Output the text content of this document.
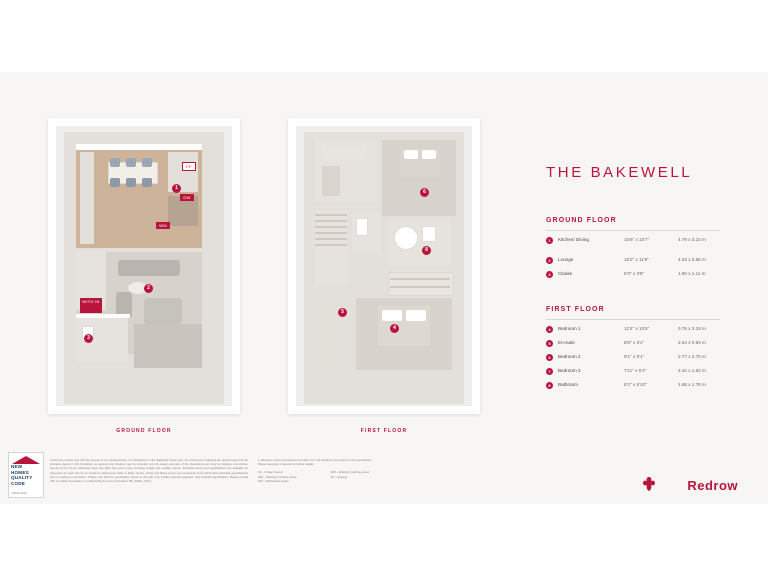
FF
DW
WM
WITH IN
1
2
3
GROUND FLOOR
6
8
5
4
FIRST FLOOR
THE BAKEWELL
GROUND FLOOR
1	Kitchen/ Dining	15'8" x 10'7"	4.78 x 3.23 m
2	Lounge	15'2" x 11'9"	4.63 x 3.58 m
3	Cloaks	6'3" x 3'8"	1.90 x 1.11 m
FIRST FLOOR
4	Bedroom 1	12'4" x 10'6"	3.76 x 3.19 m
5	En-suite	8'8" x 3'1"	2.64 x 0.94 m
6	Bedroom 2	9'1" x 9'1"	2.77 x 2.76 m
7	Bedroom 3	7'11" x 5'4"	2.42 x 1.62 m
8	Bathroom	6'2" x 5'10"	1.88 x 1.78 m
NEW
HOMES
QUALITY
CODE
YEAR 2023
Customers should note that the layouts of our developments, the illustrations of the Bakewell house type, the dimensions indicated are approximate and the indicative layout in this illustration as general only. Redrow may be intended only for design accuracy of the illustrations and may be detailed, and kitchen layouts of the homes. Materials used may differ from plot to plot, including similar and suitable colours. Illustrated plans and specifications are available for inspection for each plot at our Customer Experience Suite or Sales Centre. Living and dining layout and complaints must check their individual specifications prior to making a reservation. Please note that the specification shown in this plan may include optional upgrades. Only detailed specification. Please consult with our Sales Consultant or confidentially for more information. BG_BAKE_V02.2
1. Elevation, where dimensions are taken from, all variations are subject to site specification.
Please see plans & layouts for further details.
FF – Fridge Freezer
WM – Washing machine space
DW – Dishwasher space WM – Washing machine space
ST – Storage
Redrow
